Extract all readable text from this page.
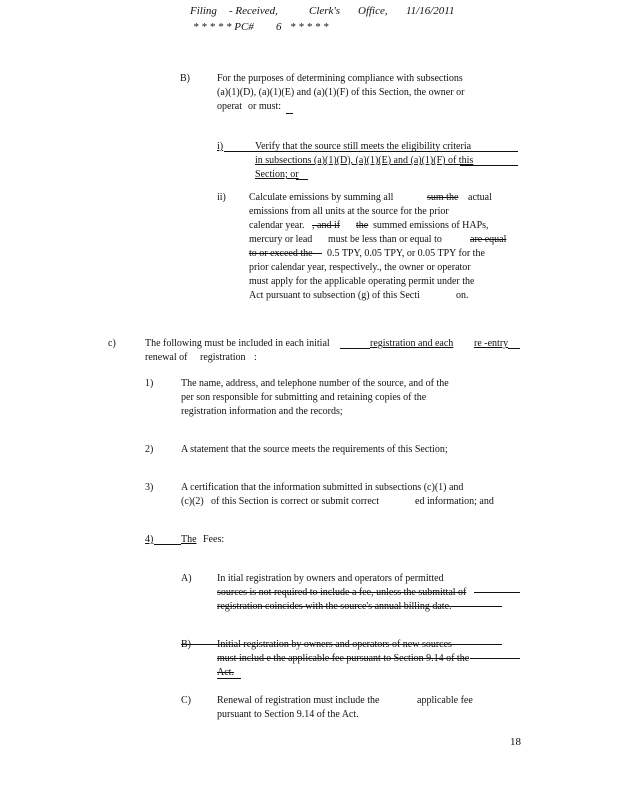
Filing - Received,	Clerk's Office, 11/16/2011
* * * * * PC# 6 * * * * *
B)	For the purposes of determining compliance with subsections
(a)(1)(D), (a)(1)(E) and (a)(1)(F) of this Section, the owner or
operat or must:
i)	Verify that the source still meets the eligibility criteria
in subsections (a)(1)(D), (a)(1)(E) and (a)(1)(F) of this
Section; or
ii) Calculate emissions by summing all	sum the actual
emissions from all units at the source for the prior
calendar year. , and if the summed emissions of HAPs,
mercury or lead must be less than or equal to	are equal
to or exceed the 0.5 TPY, 0.05 TPY, or 0.05 TPY for the
prior calendar year, respectively., the owner or operator
must apply for the applicable operating permit under the
Act pursuant to subsection (g) of this Secti	on.
c)	The following must be included in each initial	registration and each re -entry
renewal of registration :
1)	The name, address, and telephone number of the source, and of the
per son responsible for submitting and retaining copies of the
registration information and the records;
2)	A statement that the source meets the requirements of this Section;
3)	A certification that the information submitted in subsections (c)(1) and
(c)(2) of this Section is correct or submit correct	ed information; and
4)	The Fees:
A)	In itial registration by owners and operators of permitted
sources is not required to include a fee, unless the submittal of
registration coincides with the source's annual billing date.
B)	Initial registration by owners and operators of new sources
must includ e the applicable fee pursuant to Section 9.14 of the
Act.
C)	Renewal of registration must include the	applicable fee
pursuant to Section 9.14 of the Act.
18
